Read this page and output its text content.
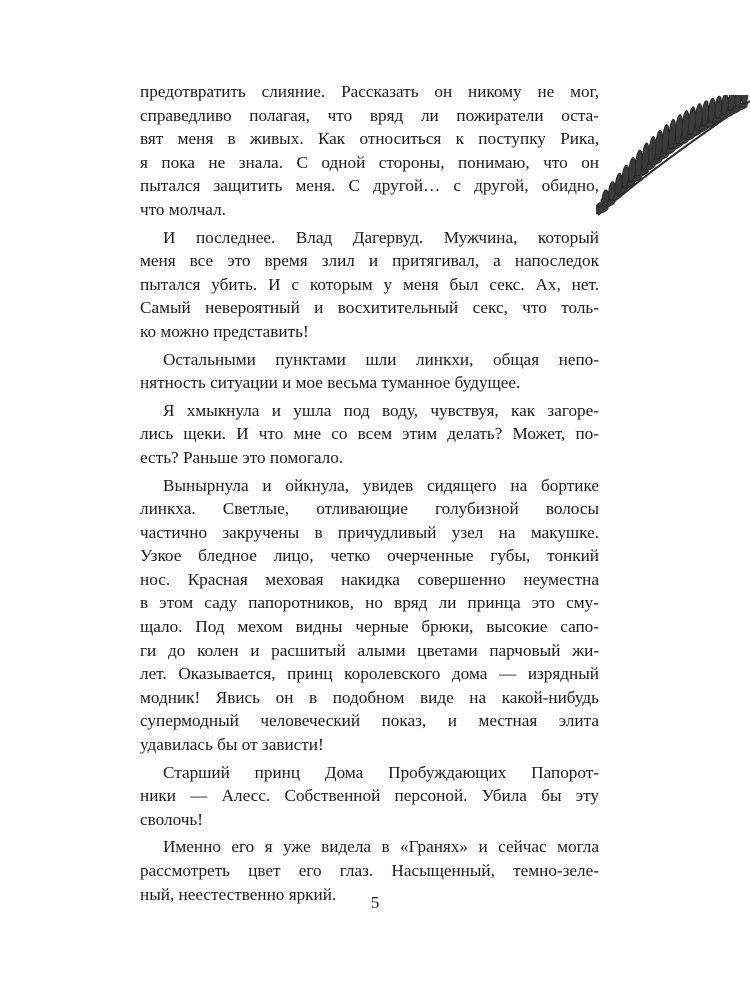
предотвратить слияние. Рассказать он никому не мог,
справедливо полагая, что вряд ли пожиратели оста-
вят меня в живых. Как относиться к поступку Рика,
я пока не знала. С одной стороны, понимаю, что он
пытался защитить меня. С другой… с другой, обидно,
что молчал.
И последнее. Влад Дагервуд. Мужчина, который
меня все это время злил и притягивал, а напоследок
пытался убить. И с которым у меня был секс. Ах, нет.
Самый невероятный и восхитительный секс, что толь-
ко можно представить!
Остальными пунктами шли линкхи, общая непо-
нятность ситуации и мое весьма туманное будущее.
Я хмыкнула и ушла под воду, чувствуя, как загоре-
лись щеки. И что мне со всем этим делать? Может, по-
есть? Раньше это помогало.
Вынырнула и ойкнула, увидев сидящего на бортике
линкха. Светлые, отливающие голубизной волосы
частично закручены в причудливый узел на макушке.
Узкое бледное лицо, четко очерченные губы, тонкий
нос. Красная меховая накидка совершенно неуместна
в этом саду папоротников, но вряд ли принца это сму-
щало. Под мехом видны черные брюки, высокие сапо-
ги до колен и расшитый алыми цветами парчовый жи-
лет. Оказывается, принц королевского дома — изрядный
модник! Явись он в подобном виде на какой-нибудь
супермодный человеческий показ, и местная элита
удавилась бы от зависти!
Старший принц Дома Пробуждающих Папорот-
ники — Алесс. Собственной персоной. Убила бы эту
сволочь!
Именно его я уже видела в «Гранях» и сейчас могла
рассмотреть цвет его глаз. Насыщенный, темно-зеле-
ный, неестественно яркий.	5
